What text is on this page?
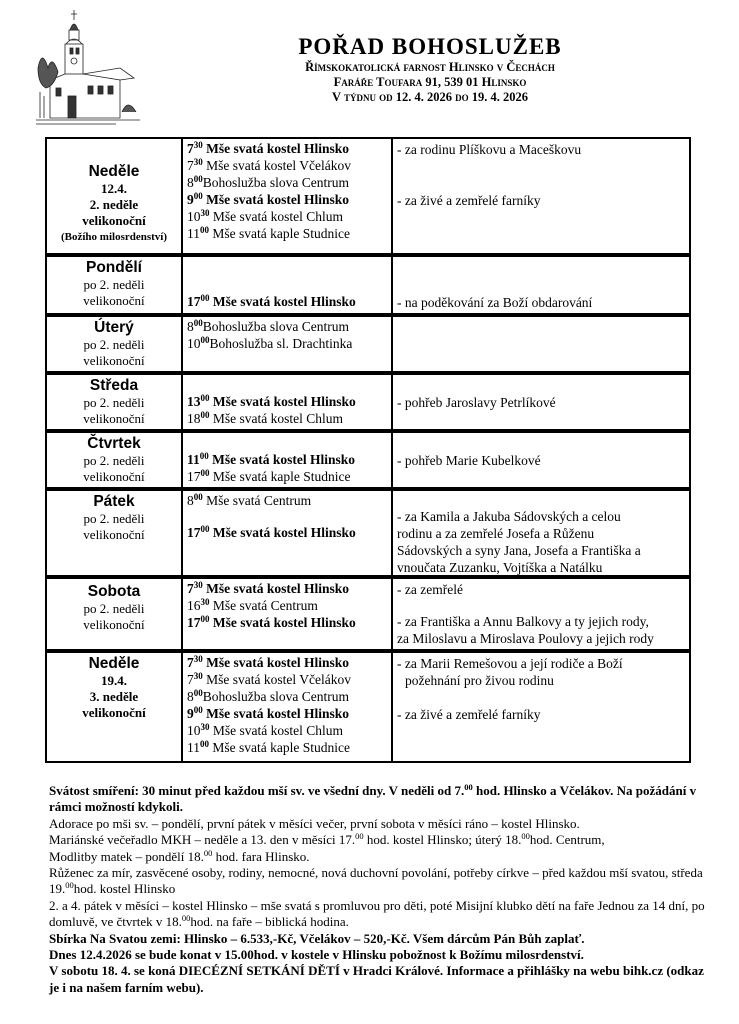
POŘAD BOHOSLUŽEB
Římskokatolická farnost Hlinsko v Čechách
Faráře Toufara 91, 539 01 Hlinsko
V týdnu od 12. 4. 2026 do 19. 4. 2026
Neděle
12.4.
2. neděle
velikonoční
(Božího milosrdenství)
$7^{30}$ Mše svatá kostel Hlinsko
$7^{30}$ Mše svatá kostel Včelákov
$8^{00}Bohoslužba$ slova Centrum
$9^{00}$ Mše svatá kostel Hlinsko
$10^{30}$ Mše svatá kostel Chlum
$11^{00}$ Mše svatá kaple Studnice
- za rodinu Plíškovu a Maceškovu
- za živé a zemřelé farníky
Pondělí
po 2. neděli
velikonoční	$17^{00}$ Mše svatá kostel Hlinsko	- na poděkování za Boží obdarování
Úterý
po 2. neděli
velikonoční
$8^{00}Bohoslužba$ slova Centrum
$10^{00}Bohoslužba$ sl. Drachtinka
Středa
po 2. neděli
velikonoční
$13^{00}$ Mše svatá kostel Hlinsko
$18^{00}$ Mše svatá kostel Chlum
- pohřeb Jaroslavy Petrlíkové
Čtvrtek
po 2. neděli
velikonoční
$11^{00}$ Mše svatá kostel Hlinsko
$17^{00}$ Mše svatá kaple Studnice
- pohřeb Marie Kubelkové
Pátek
po 2. neděli
velikonoční
$8^{00}$ Mše svatá Centrum
$17^{00}$ Mše svatá kostel Hlinsko
- za Kamila a Jakuba Sádovských a celou
rodinu a za zemřelé Josefa a Růženu
Sádovských a syny Jana, Josefa a Františka a
vnoučata Zuzanku, Vojtíška a Natálku
Sobota
po 2. neděli
velikonoční
$7^{30}$ Mše svatá kostel Hlinsko
$16^{30}$ Mše svatá Centrum
$17^{00}$ Mše svatá kostel Hlinsko
- za zemřelé
- za Františka a Annu Balkovy a ty jejich rody,
za Miloslavu a Miroslava Poulovy a jejich rody
Neděle
19.4.
3. neděle
velikonoční
$7^{30}$ Mše svatá kostel Hlinsko
$7^{30}$ Mše svatá kostel Včelákov
$8^{00}Bohoslužba$ slova Centrum
$9^{00}$ Mše svatá kostel Hlinsko
$10^{30}$ Mše svatá kostel Chlum
$11^{00}$ Mše svatá kaple Studnice
- za Marii Remešovou a její rodiče a Boží
požehnání pro živou rodinu
- za živé a zemřelé farníky

Svátost smíření: 30 minut před každou mší sv. ve všední dny. V neděli od 7.00 hod. Hlinsko a Včelákov. Na požádání v rámci možností kdykoli.

Adorace po mši sv. – pondělí, první pátek v měsíci večer, první sobota v měsíci ráno – kostel Hlinsko.

Mariánské večeřadlo MKH – neděle a 13. den v měsíci 17.00 hod. kostel Hlinsko; úterý 18.00hod. Centrum,

Modlitby matek – pondělí 18.00 hod. fara Hlinsko.

Růženec za mír, zasvěcené osoby, rodiny, nemocné, nová duchovní povolání, potřeby církve – před každou mší svatou, středa 19.00hod. kostel Hlinsko

2. a 4. pátek v měsíci – kostel Hlinsko – mše svatá s promluvou pro děti, poté Misijní klubko dětí na faře Jednou za 14 dní, po domluvě, ve čtvrtek v 18.00hod. na faře – biblická hodina.

Sbírka Na Svatou zemi: Hlinsko – 6.533,-Kč, Včelákov – 520,-Kč. Všem dárcům Pán Bůh zaplať.

Dnes 12.4.2026 se bude konat v 15.00hod. v kostele v Hlinsku pobožnost k Božímu milosrdenství.

V sobotu 18. 4. se koná DIECÉZNÍ SETKÁNÍ DĚTÍ v Hradci Králové. Informace a přihlášky na webu bihk.cz (odkaz je i na našem farním webu).
